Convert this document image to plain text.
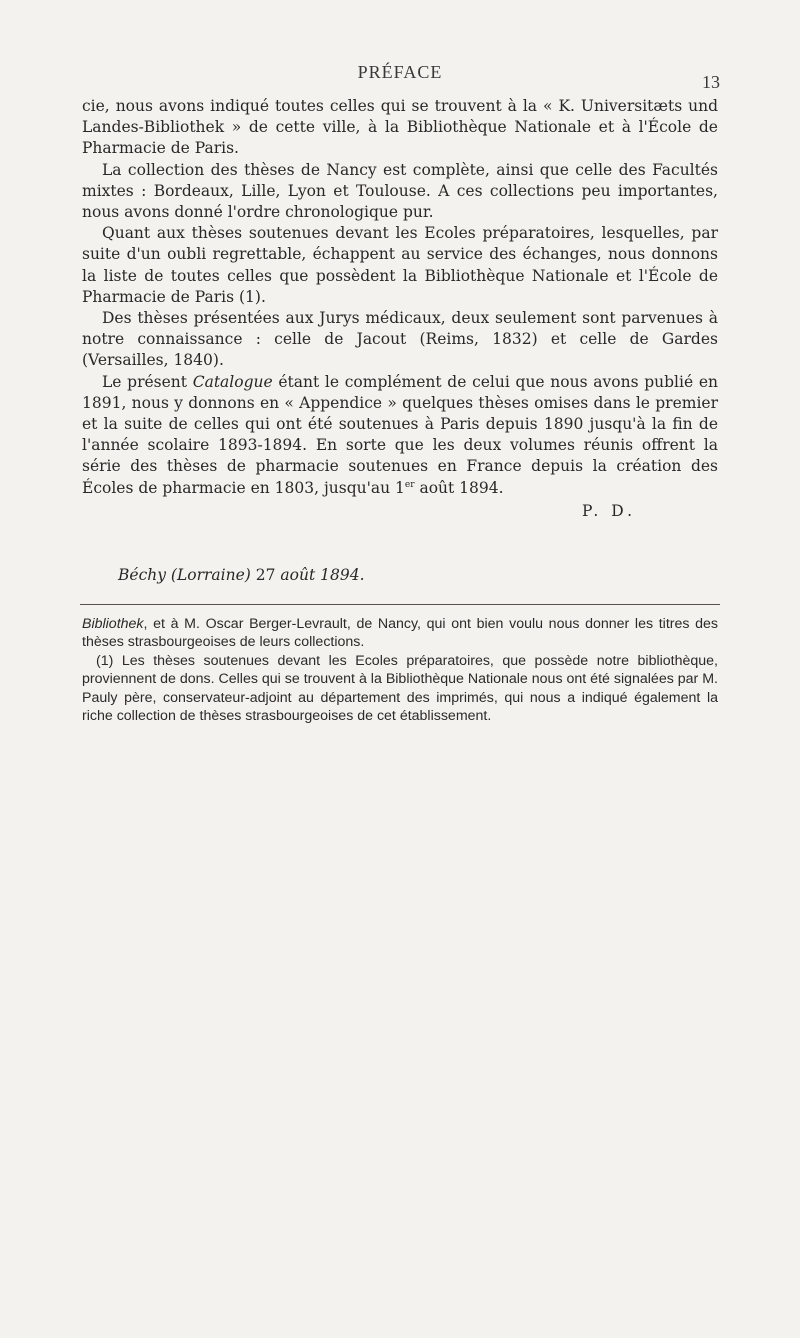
PRÉFACE	13

cie, nous avons indiqué toutes celles qui se trouvent à la « K. Universitæts und Landes-Bibliothek » de cette ville, à la Bibliothèque Nationale et à l'École de Pharmacie de Paris.

La collection des thèses de Nancy est complète, ainsi que celle des Facultés mixtes : Bordeaux, Lille, Lyon et Toulouse. A ces collections peu importantes, nous avons donné l'ordre chronologique pur.

Quant aux thèses soutenues devant les Ecoles préparatoires, lesquelles, par suite d'un oubli regrettable, échappent au service des échanges, nous donnons la liste de toutes celles que possèdent la Bibliothèque Nationale et l'École de Pharmacie de Paris (1).

Des thèses présentées aux Jurys médicaux, deux seulement sont parvenues à notre connaissance : celle de Jacout (Reims, 1832) et celle de Gardes (Versailles, 1840).

Le présent Catalogue étant le complément de celui que nous avons publié en 1891, nous y donnons en « Appendice » quelques thèses omises dans le premier et la suite de celles qui ont été soutenues à Paris depuis 1890 jusqu'à la fin de l'année scolaire 1893-1894. En sorte que les deux volumes réunis offrent la série des thèses de pharmacie soutenues en France depuis la création des Écoles de pharmacie en 1803, jusqu'au 1er août 1894.

P. D.
Béchy (Lorraine) 27 août 1894.

Bibliothek, et à M. Oscar Berger-Levrault, de Nancy, qui ont bien voulu nous donner les titres des thèses strasbourgeoises de leurs collections.

(1) Les thèses soutenues devant les Ecoles préparatoires, que possède notre bibliothèque, proviennent de dons. Celles qui se trouvent à la Bibliothèque Nationale nous ont été signalées par M. Pauly père, conservateur-adjoint au département des imprimés, qui nous a indiqué également la riche collection de thèses strasbourgeoises de cet établissement.
